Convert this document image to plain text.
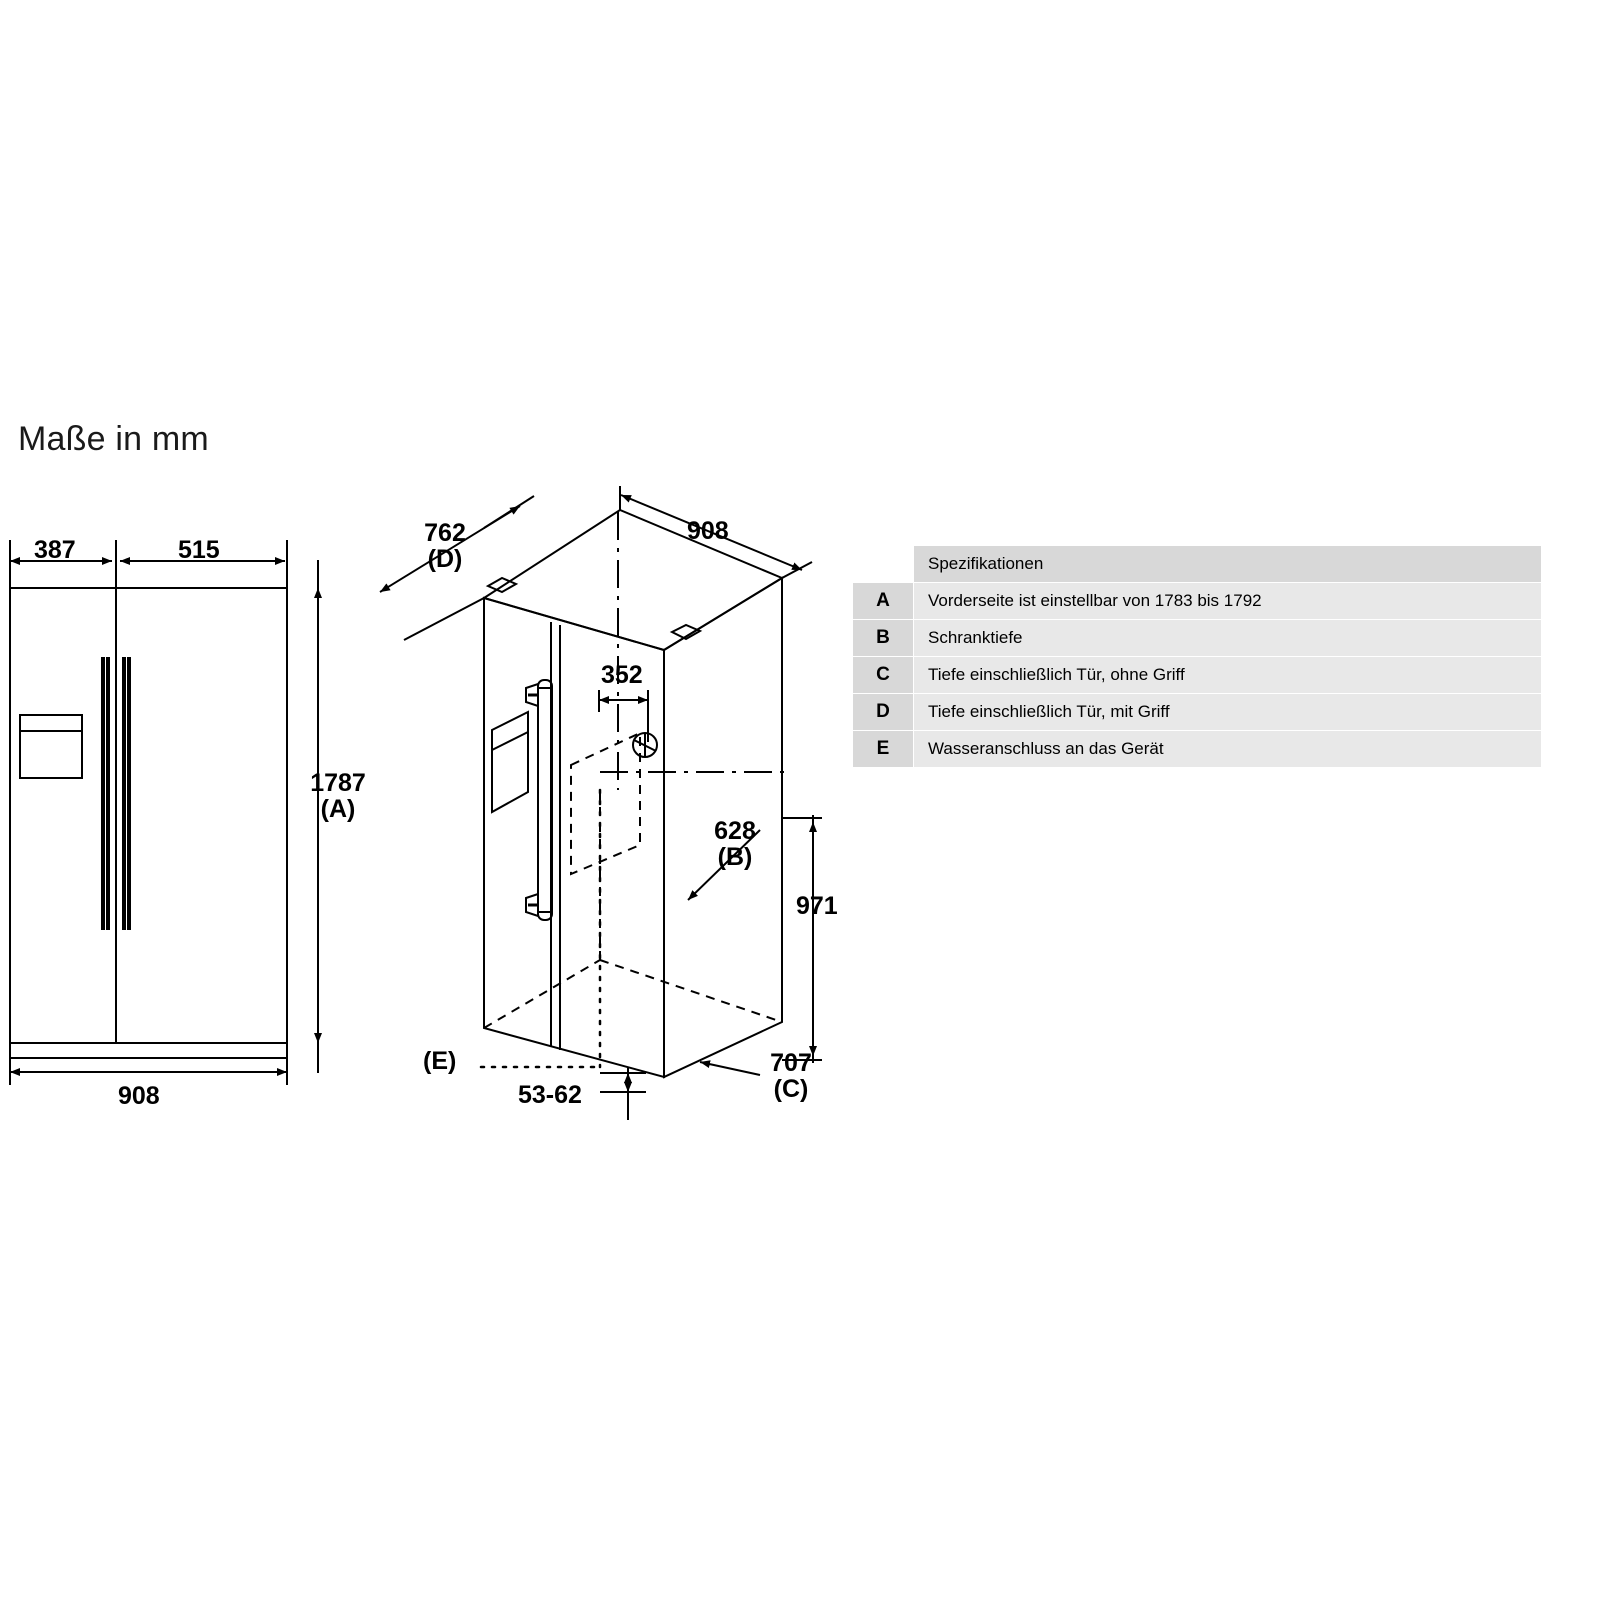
Maße in mm
387	515
1787
(A)
908
762
(D)
908
352
628
(B)
971
707
(C)
53-62
(E)
	Spezifikationen
A	Vorderseite ist einstellbar von 1783 bis 1792
B	Schranktiefe
C	Tiefe einschließlich Tür, ohne Griff
D	Tiefe einschließlich Tür, mit Griff
E	Wasseranschluss an das Gerät
